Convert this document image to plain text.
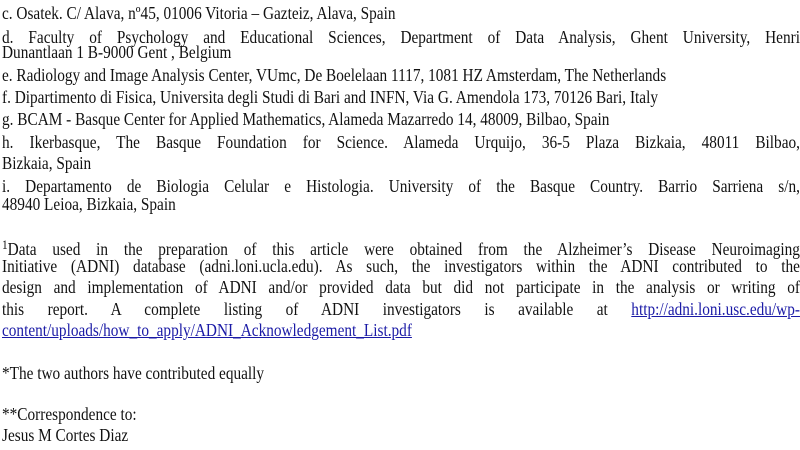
c. Osatek. C/ Alava, nº45, 01006 Vitoria – Gazteiz, Alava, Spain
d. Faculty of Psychology and Educational Sciences, Department of Data Analysis, Ghent University, Henri
Dunantlaan 1 B-9000 Gent , Belgium
e. Radiology and Image Analysis Center, VUmc, De Boelelaan 1117, 1081 HZ Amsterdam, The Netherlands
f. Dipartimento di Fisica, Universita degli Studi di Bari and INFN, Via G. Amendola 173, 70126 Bari, Italy
g. BCAM - Basque Center for Applied Mathematics, Alameda Mazarredo 14, 48009, Bilbao, Spain
h. Ikerbasque, The Basque Foundation for Science. Alameda Urquijo, 36-5 Plaza Bizkaia, 48011 Bilbao,
Bizkaia, Spain
i. Departamento de Biologia Celular e Histologia. University of the Basque Country. Barrio Sarriena s/n,
48940 Leioa, Bizkaia, Spain
$^1$Data used in the preparation of this article were obtained from the Alzheimer’s Disease Neuroimaging
Initiative (ADNI) database (adni.loni.ucla.edu). As such, the investigators within the ADNI contributed to the
design and implementation of ADNI and/or provided data but did not participate in the analysis or writing of
this report. A complete listing of ADNI investigators is available at http://adni.loni.usc.edu/wp-
content/uploads/how_to_apply/ADNI_Acknowledgement_List.pdf
*The two authors have contributed equally
**Correspondence to:
Jesus M Cortes Diaz
